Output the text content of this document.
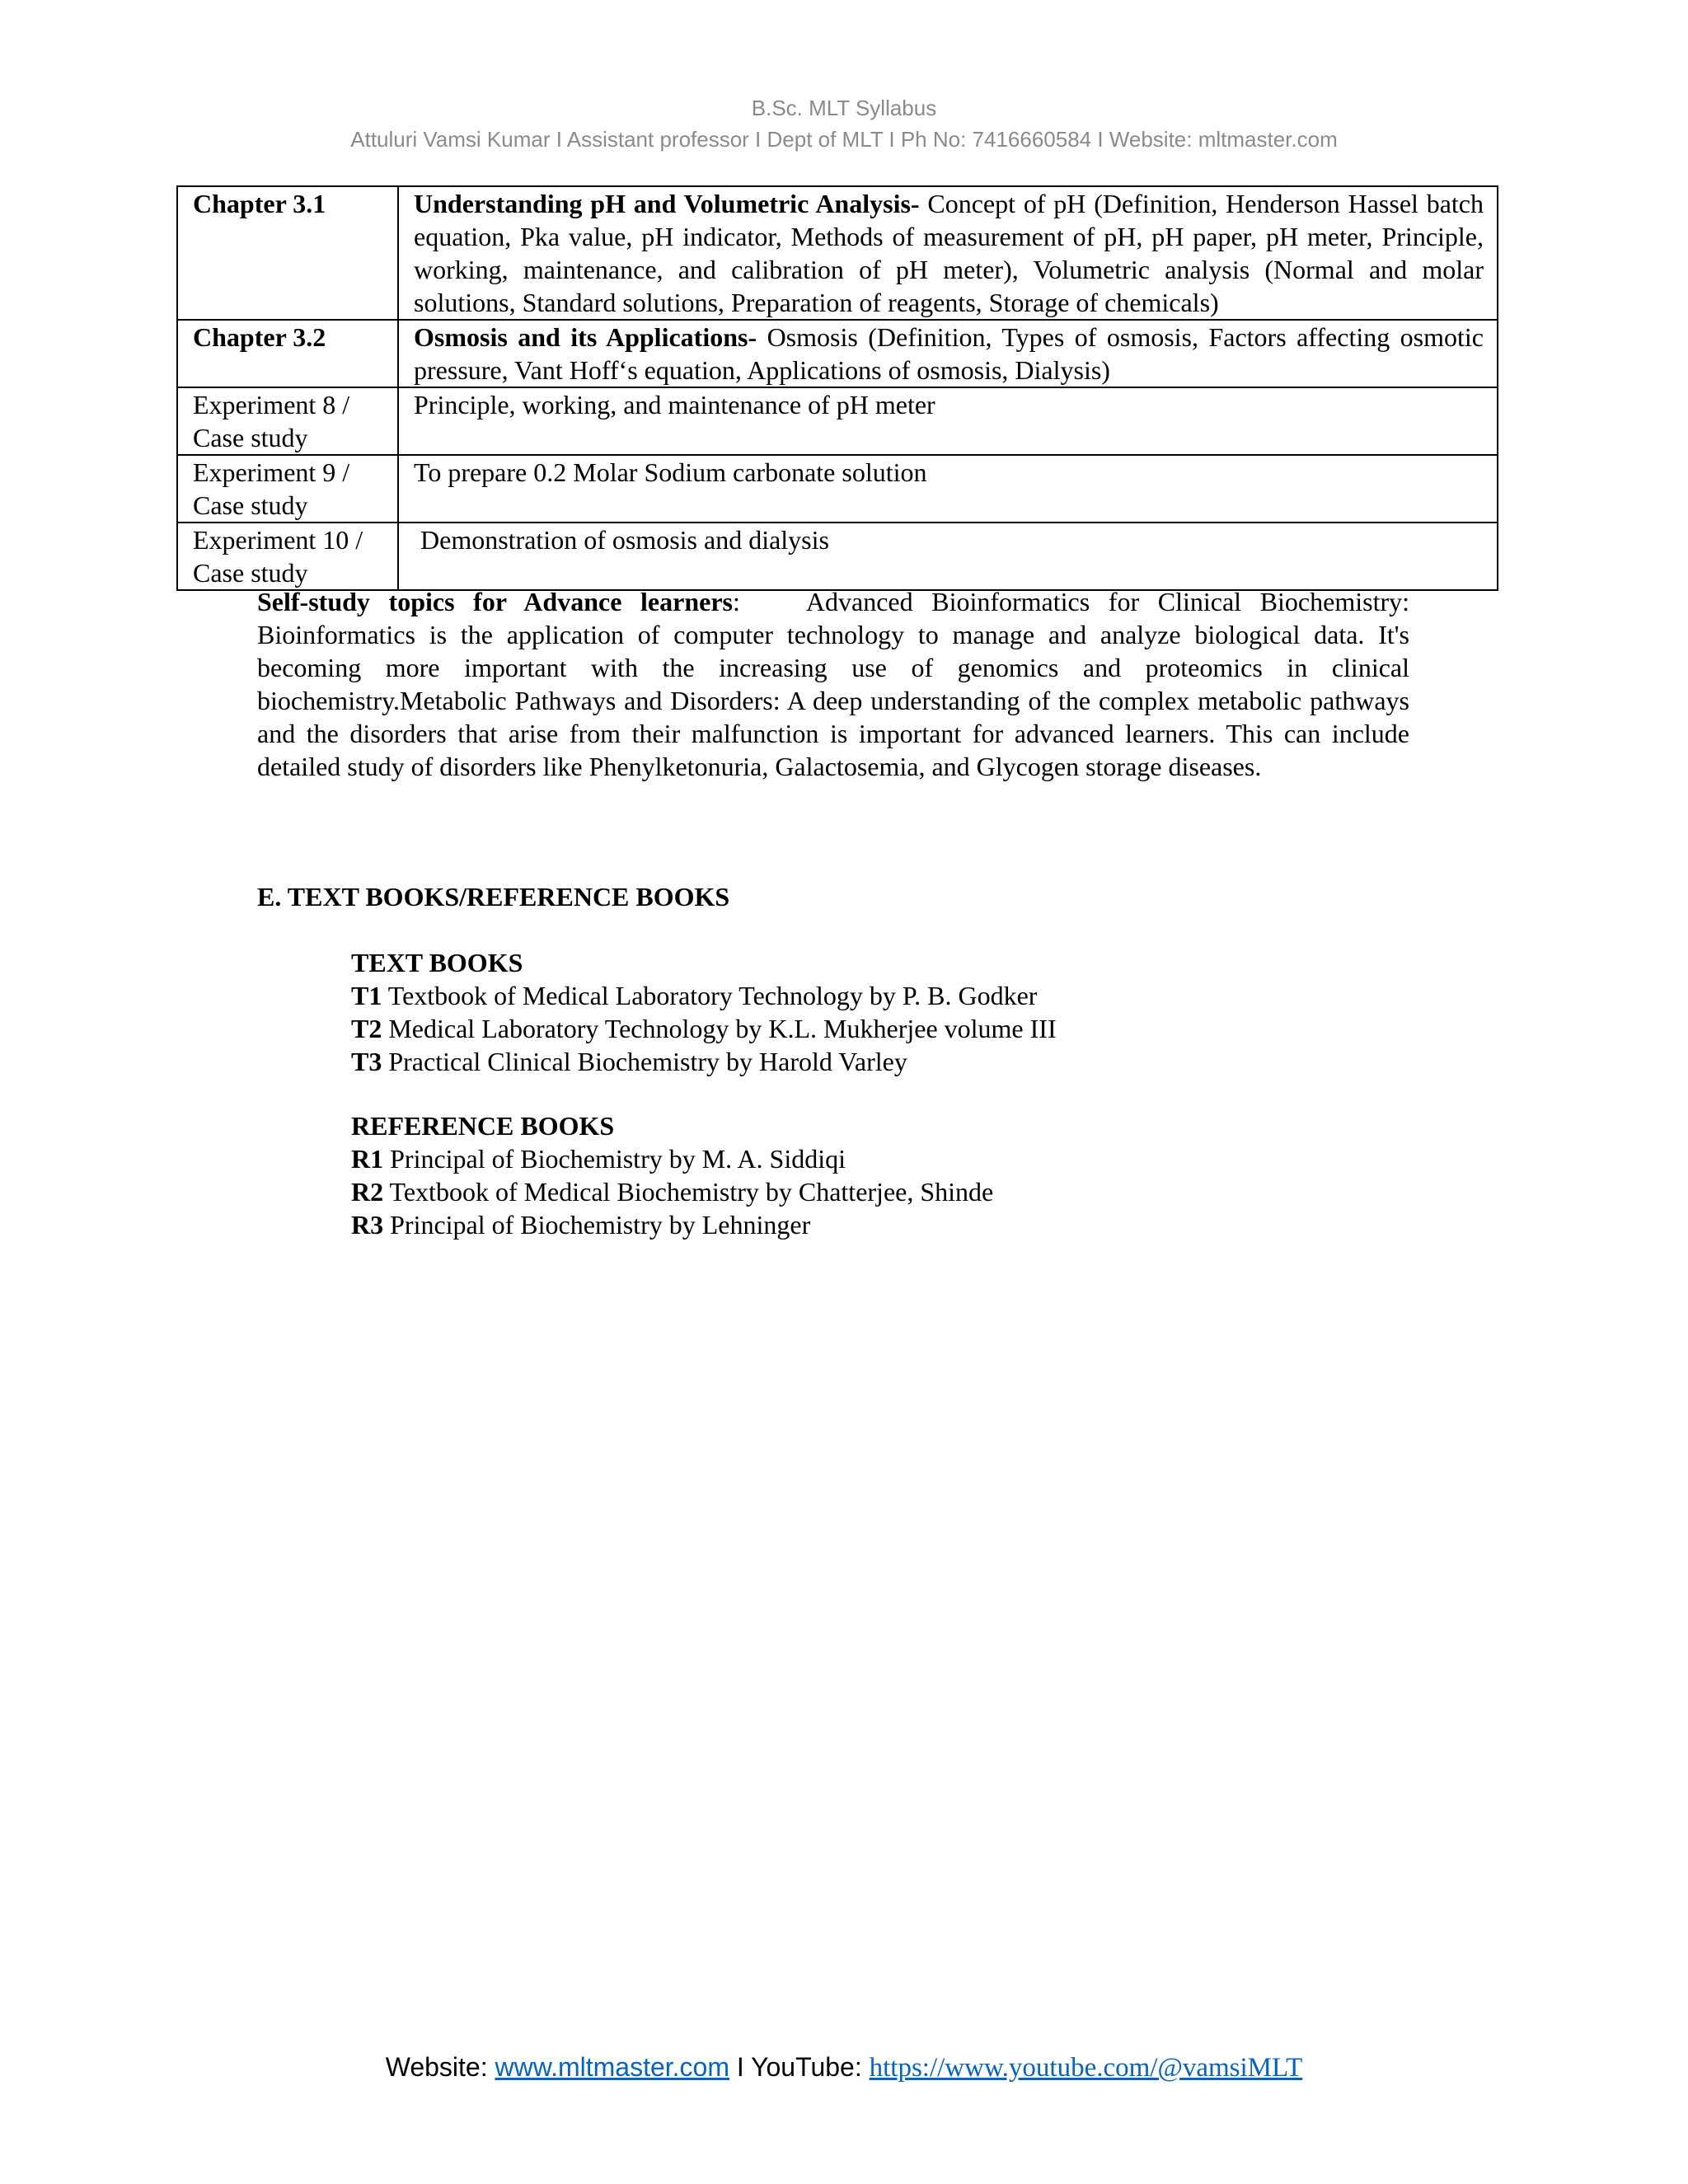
B.Sc. MLT Syllabus
Attuluri Vamsi Kumar I Assistant professor I Dept of MLT I Ph No: 7416660584 I Website: mltmaster.com
Chapter 3.1	Understanding pH and Volumetric Analysis- Concept of pH (Definition, Henderson Hassel batch equation, Pka value, pH indicator, Methods of measurement of pH, pH paper, pH meter, Principle, working, maintenance, and calibration of pH meter), Volumetric analysis (Normal and molar solutions, Standard solutions, Preparation of reagents, Storage of chemicals)
Chapter 3.2	Osmosis and its Applications- Osmosis (Definition, Types of osmosis, Factors affecting osmotic pressure, Vant Hoff‘s equation, Applications of osmosis, Dialysis)

Experiment 8 /
Case study	Principle, working, and maintenance of pH meter

Experiment 9 /
Case study	To prepare 0.2 Molar Sodium carbonate solution

Experiment 10 /
Case study	Demonstration of osmosis and dialysis
Self-study topics for Advance learners:	Advanced Bioinformatics for Clinical Biochemistry: Bioinformatics is the application of computer technology to manage and analyze biological data. It's becoming more important with the increasing use of genomics and proteomics in clinical biochemistry.Metabolic Pathways and Disorders: A deep understanding of the complex metabolic pathways and the disorders that arise from their malfunction is important for advanced learners. This can include detailed study of disorders like Phenylketonuria, Galactosemia, and Glycogen storage diseases.
E. TEXT BOOKS/REFERENCE BOOKS
TEXT BOOKS
T1 Textbook of Medical Laboratory Technology by P. B. Godker
T2 Medical Laboratory Technology by K.L. Mukherjee volume III
T3 Practical Clinical Biochemistry by Harold Varley
REFERENCE BOOKS
R1 Principal of Biochemistry by M. A. Siddiqi
R2 Textbook of Medical Biochemistry by Chatterjee, Shinde
R3 Principal of Biochemistry by Lehninger
Website: www.mltmaster.com I YouTube: https://www.youtube.com/@vamsiMLT
